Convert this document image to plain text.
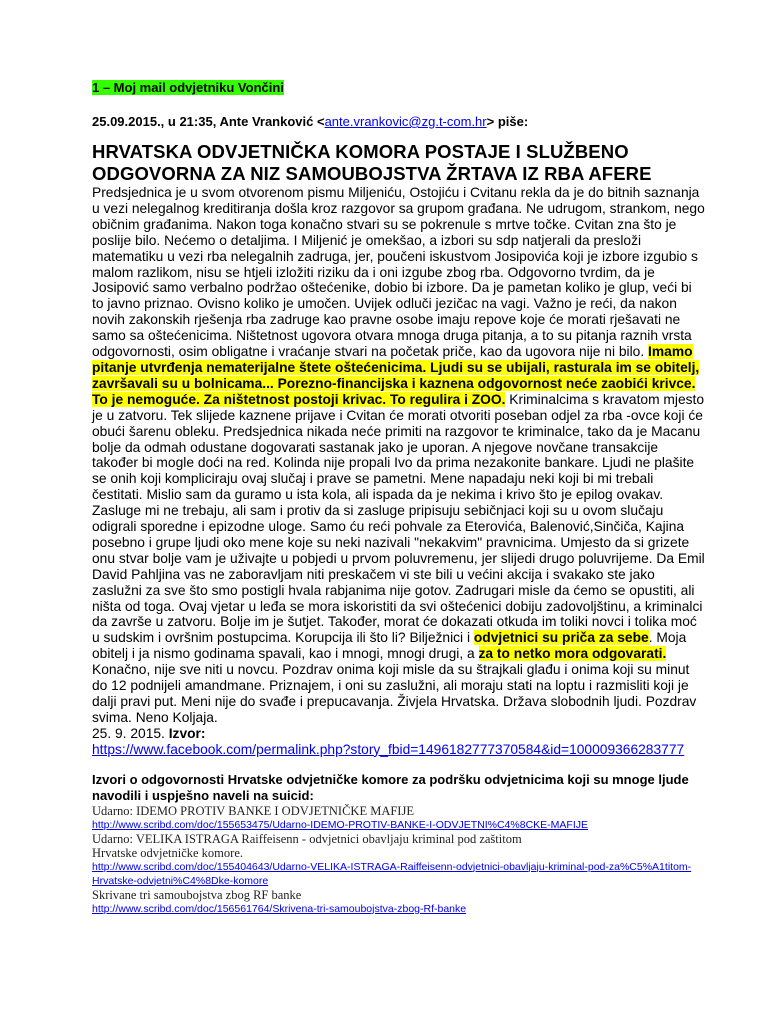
1 – Moj mail odvjetniku Vončini
25.09.2015., u 21:35, Ante Vranković <ante.vrankovic@zg.t-com.hr> piše:
HRVATSKA ODVJETNIČKA KOMORA POSTAJE I SLUŽBENO
ODGOVORNA ZA NIZ SAMOUBOJSTVA ŽRTAVA IZ RBA AFERE

Predsjednica je u svom otvorenom pismu Miljeniću, Ostojiću i Cvitanu rekla da je do bitnih saznanja u vezi nelegalnog kreditiranja došla kroz razgovor sa grupom građana. Ne udrugom, strankom, nego običnim građanima. Nakon toga konačno stvari su se pokrenule s mrtve točke. Cvitan zna što je poslije bilo. Nećemo o detaljima. I Miljenić je omekšao, a izbori su sdp natjerali da presloži matematiku u vezi rba nelegalnih zadruga, jer, poučeni iskustvom Josipovića koji je izbore izgubio s malom razlikom, nisu se htjeli izložiti riziku da i oni izgube zbog rba. Odgovorno tvrdim, da je Josipović samo verbalno podržao oštećenike, dobio bi izbore. Da je pametan koliko je glup, veći bi to javno priznao. Ovisno koliko je umočen. Uvijek odluči jezičac na vagi. Važno je reći, da nakon novih zakonskih rješenja rba zadruge kao pravne osobe imaju repove koje će morati rješavati ne samo sa oštećenicima. Ništetnost ugovora otvara mnoga druga pitanja, a to su pitanja raznih vrsta odgovornosti, osim obligatne i vraćanje stvari na početak priče, kao da ugovora nije ni bilo. Imamo pitanje utvrđenja nematerijalne štete oštećenicima. Ljudi su se ubijali, rasturala im se obitelj, završavali su u bolnicama... Porezno-financijska i kaznena odgovornost neće zaobići krivce. To je nemoguće. Za ništetnost postoji krivac. To regulira i ZOO. Kriminalcima s kravatom mjesto je u zatvoru. Tek slijede kaznene prijave i Cvitan će morati otvoriti poseban odjel za rba -ovce koji će obući šarenu obleku. Predsjednica nikada neće primiti na razgovor te kriminalce, tako da je Macanu bolje da odmah odustane dogovarati sastanak jako je uporan. A njegove novčane transakcije također bi mogle doći na red. Kolinda nije propali Ivo da prima nezakonite bankare. Ljudi ne plašite se onih koji kompliciraju ovaj slučaj i prave se pametni. Mene napadaju neki koji bi mi trebali čestitati. Mislio sam da guramo u ista kola, ali ispada da je nekima i krivo što je epilog ovakav. Zasluge mi ne trebaju, ali sam i protiv da si zasluge pripisuju sebičnjaci koji su u ovom slučaju odigrali sporedne i epizodne uloge. Samo ću reći pohvale za Eterovića, Balenović,Sinčiča, Kajina posebno i grupe ljudi oko mene koje su neki nazivali "nekakvim" pravnicima. Umjesto da si grizete onu stvar bolje vam je uživajte u pobjedi u prvom poluvremenu, jer slijedi drugo poluvrijeme. Da Emil David Pahljina vas ne zaboravljam niti preskačem vi ste bili u većini akcija i svakako ste jako zaslužni za sve što smo postigli hvala rabjanima nije gotov. Zadrugari misle da ćemo se opustiti, ali ništa od toga. Ovaj vjetar u leđa se mora iskoristiti da svi oštećenici dobiju zadovoljštinu, a kriminalci da završe u zatvoru. Bolje im je šutjet. Također, morat će dokazati otkuda im toliki novci i tolika moć u sudskim i ovršnim postupcima. Korupcija ili što li? Bilježnici i odvjetnici su priča za sebe. Moja obitelj i ja nismo godinama spavali, kao i mnogi, mnogi drugi, a za to netko mora odgovarati. Konačno, nije sve niti u novcu. Pozdrav onima koji misle da su štrajkali glađu i onima koji su minut do 12 podnijeli amandmane. Priznajem, i oni su zaslužni, ali moraju stati na loptu i razmisliti koji je dalji pravi put. Meni nije do svađe i prepucavanja. Živjela Hrvatska. Država slobodnih ljudi. Pozdrav svima. Neno Koljaja.

25. 9. 2015. Izvor:

https://www.facebook.com/permalink.php?story_fbid=1496182777370584&id=100009366283777

Izvori o odgovornosti Hrvatske odvjetničke komore za podršku odvjetnicima koji su mnoge ljude navodili i uspješno naveli na suicid:
Udarno: IDEMO PROTIV BANKE I ODVJETNIČKE MAFIJE
http://www.scribd.com/doc/155653475/Udarno-IDEMO-PROTIV-BANKE-I-ODVJETNI%C4%8CKE-MAFIJE
Udarno: VELIKA ISTRAGA Raiffeisenn - odvjetnici obavljaju kriminal pod zaštitom Hrvatske odvjetničke komore.
http://www.scribd.com/doc/155404643/Udarno-VELIKA-ISTRAGA-Raiffeisenn-odvjetnici-obavljaju-kriminal-pod-za%C5%A1titom-Hrvatske-odvjetni%C4%8Dke-komore
Skrivane tri samoubojstva zbog RF banke
http://www.scribd.com/doc/156561764/Skrivena-tri-samoubojstva-zbog-Rf-banke
